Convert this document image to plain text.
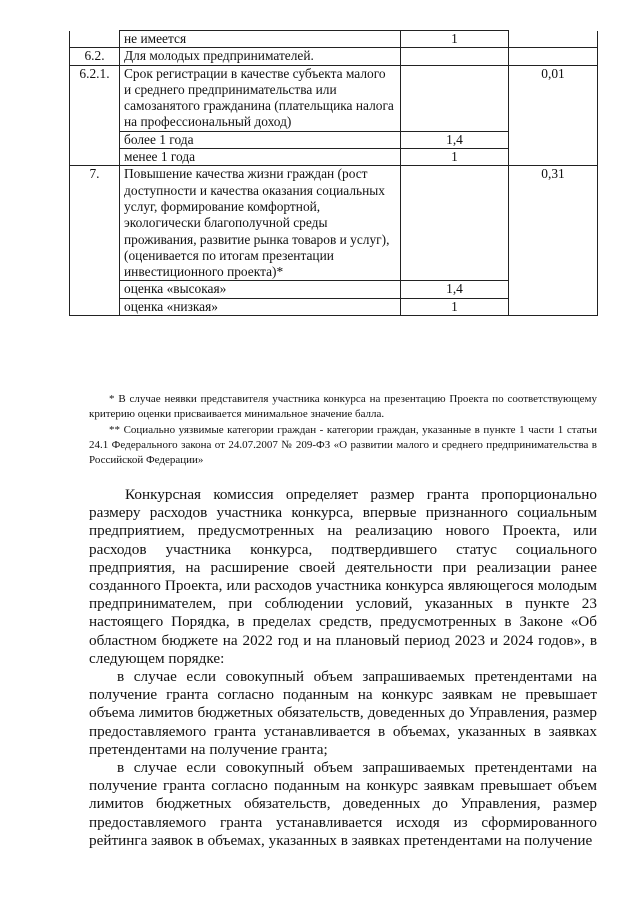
	не имеется	1	
6.2.	Для молодых предпринимателей.		
6.2.1.	Срок регистрации в качестве субъекта малого и среднего предпринимательства или самозанятого гражданина (плательщика налога на профессиональный доход)		0,01
	более 1 года	1,4	
	менее 1 года	1	
7.	Повышение качества жизни граждан (рост доступности и качества оказания социальных услуг, формирование комфортной, экологически благополучной среды проживания, развитие рынка товаров и услуг), (оценивается по итогам презентации инвестиционного проекта)*		0,31
	оценка «высокая»	1,4	
	оценка «низкая»	1	

* В случае неявки представителя участника конкурса на презентацию Проекта по соответствующему критерию оценки присваивается минимальное значение балла.

** Социально уязвимые категории граждан - категории граждан, указанные в пункте 1 части 1 статьи 24.1 Федерального закона от 24.07.2007 № 209-ФЗ «О развитии малого и среднего предпринимательства в Российской Федерации»

Конкурсная комиссия определяет размер гранта пропорционально размеру расходов участника конкурса, впервые признанного социальным предприятием, предусмотренных на реализацию нового Проекта, или расходов участника конкурса, подтвердившего статус социального предприятия, на расширение своей деятельности при реализации ранее созданного Проекта, или расходов участника конкурса являющегося молодым предпринимателем, при соблюдении условий, указанных в пункте 23 настоящего Порядка, в пределах средств, предусмотренных в Законе «Об областном бюджете на 2022 год и на плановый период 2023 и 2024 годов», в следующем порядке:

в случае если совокупный объем запрашиваемых претендентами на получение гранта согласно поданным на конкурс заявкам не превышает объема лимитов бюджетных обязательств, доведенных до Управления, размер предоставляемого гранта устанавливается в объемах, указанных в заявках претендентами на получение гранта;

в случае если совокупный объем запрашиваемых претендентами на получение гранта согласно поданным на конкурс заявкам превышает объем лимитов бюджетных обязательств, доведенных до Управления, размер предоставляемого гранта устанавливается исходя из сформированного рейтинга заявок в объемах, указанных в заявках претендентами на получение
